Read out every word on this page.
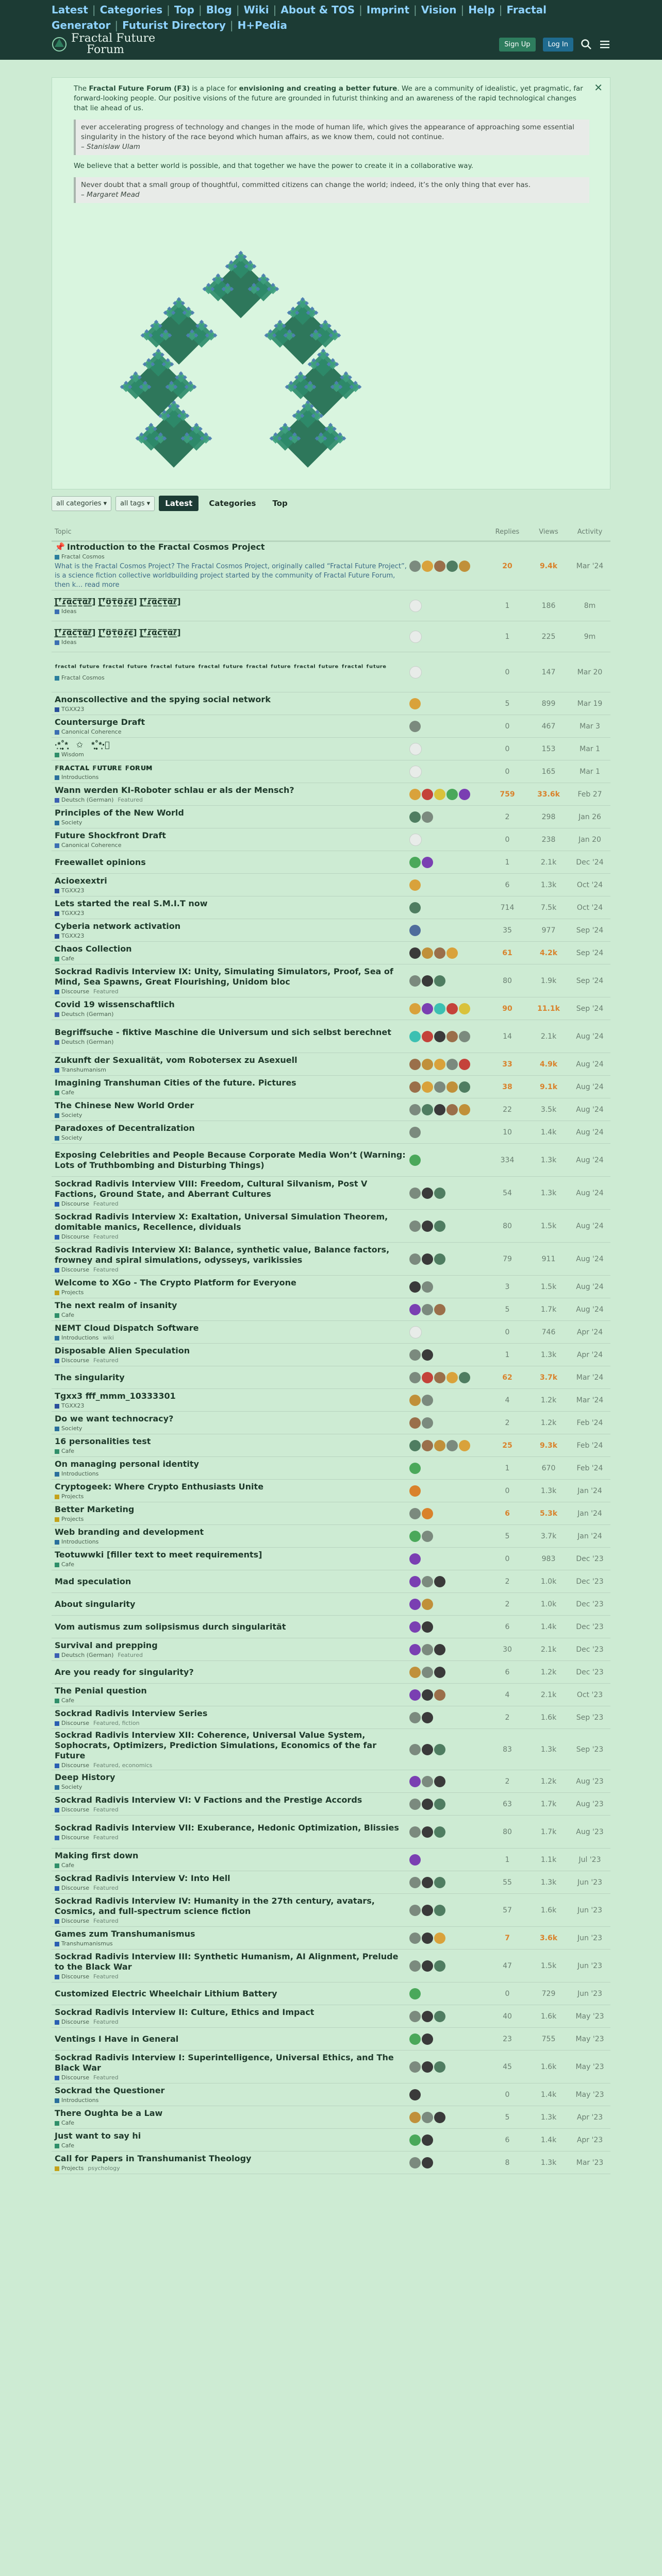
Latest | Categories | Top | Blog | Wiki | About & TOS | Imprint | Vision | Help | Fractal Generator | Futurist Directory | H+Pedia
Fractal Future
Forum	Sign Up	Log In
✕

The Fractal Future Forum (F3) is a place for envisioning and creating a better future. We are a community of idealistic, yet pragmatic, far forward-looking people. Our positive visions of the future are grounded in futurist thinking and an awareness of the rapid technological changes that lie ahead of us.

ever accelerating progress of technology and changes in the mode of human life, which gives the appearance of approaching some essential singularity in the history of the race beyond which human affairs, as we know them, could not continue.
– Stanislaw Ulam

We believe that a better world is possible, and that together we have the power to create it in a collaborative way.

Never doubt that a small group of thoughtful, committed citizens can change the world; indeed, it’s the only thing that ever has.
– Margaret Mead
all categories ▾	all tags ▾	Latest	Categories	Top
Topic	Replies	Views	Activity
📌 Introduction to the Fractal Cosmos Project
Fractal Cosmos
What is the Fractal Cosmos Project? The Fractal Cosmos Project, originally called “Fractal Future Project”, is a science fiction collective worldbuilding project started by the community of Fractal Future Forum, then k… read more
20	9.4k	Mar '24
[̲̅ᶠ̲̅ɾ̲̅α̲̅ϲ̲̅τ̲̅α̲̅ℓ̲̅] [̲̅ᶠ̲̅ʊ̲̅τ̲̅ʊ̲̅ɾ̲̅є̲̅] [̲̅ᶠ̲̅ɾ̲̅α̲̅ϲ̲̅τ̲̅α̲̅ℓ̲̅]
Ideas
1	186	8m
[̲̅ᶠ̲̅ɾ̲̅α̲̅ϲ̲̅τ̲̅α̲̅ℓ̲̅] [̲̅ᶠ̲̅ʊ̲̅τ̲̅ʊ̲̅ɾ̲̅є̲̅] [̲̅ᶠ̲̅ɾ̲̅α̲̅ϲ̲̅τ̲̅α̲̅ℓ̲̅]
Ideas
1	225	9m
ᶠʳᵃᶜᵗᵃˡ ᶠᵘᵗᵘʳᵉ ᶠʳᵃᶜᵗᵃˡ ᶠᵘᵗᵘʳᵉ ᶠʳᵃᶜᵗᵃˡ ᶠᵘᵗᵘʳᵉ ᶠʳᵃᶜᵗᵃˡ ᶠᵘᵗᵘʳᵉ ᶠʳᵃᶜᵗᵃˡ ᶠᵘᵗᵘʳᵉ ᶠʳᵃᶜᵗᵃˡ ᶠᵘᵗᵘʳᵉ ᶠʳᵃᶜᵗᵃˡ ᶠᵘᵗᵘʳᵉ
Fractal Cosmos
0	147	Mar 20
Anonscollective and the spying social network
TGXX23
5	899	Mar 19
Countersurge Draft
Canonical Coherence
0	467	Mar 3
·͙*̩̩͙˚̩̥̩̥*̩̩̥͙　✩　*̩̩̥͙˚̩̥̩̥*̩̩͙‧͙
Wisdom
0	153	Mar 1
ꜰʀᴀᴄᴛᴀʟ ꜰᴜᴛᴜʀᴇ ꜰᴏʀᴜᴍ
Introductions
0	165	Mar 1
Wann werden KI-Roboter schlau er als der Mensch?
Deutsch (German) Featured
759	33.6k	Feb 27
Principles of the New World
Society
2	298	Jan 26
Future Shockfront Draft
Canonical Coherence
0	238	Jan 20
Freewallet opinions	1	2.1k	Dec '24
Acioexextri
TGXX23
6	1.3k	Oct '24
Lets started the real S.M.I.T now
TGXX23
714	7.5k	Oct '24
Cyberia network activation
TGXX23
35	977	Sep '24
Chaos Collection
Cafe
61	4.2k	Sep '24
Sockrad Radivis Interview IX: Unity, Simulating Simulators, Proof, Sea of Mind, Sea Spawns, Great Flourishing, Unidom bloc
Discourse Featured
80	1.9k	Sep '24
Covid 19 wissenschaftlich
Deutsch (German)
90	11.1k	Sep '24
Begriffsuche - fiktive Maschine die Universum und sich selbst berechnet
Deutsch (German)
14	2.1k	Aug '24
Zukunft der Sexualität, vom Robotersex zu Asexuell
Transhumanism
33	4.9k	Aug '24
Imagining Transhuman Cities of the future. Pictures
Cafe
38	9.1k	Aug '24
The Chinese New World Order
Society
22	3.5k	Aug '24
Paradoxes of Decentralization
Society
10	1.4k	Aug '24
Exposing Celebrities and People Because Corporate Media Won’t (Warning: Lots of Truthbombing and Disturbing Things)	334	1.3k	Aug '24
Sockrad Radivis Interview VIII: Freedom, Cultural Silvanism, Post V Factions, Ground State, and Aberrant Cultures
Discourse Featured
54	1.3k	Aug '24
Sockrad Radivis Interview X: Exaltation, Universal Simulation Theorem, domitable manics, Recellence, dividuals
Discourse Featured
80	1.5k	Aug '24
Sockrad Radivis Interview XI: Balance, synthetic value, Balance factors, frowney and spiral simulations, odysseys, varikissies
Discourse Featured
79	911	Aug '24
Welcome to XGo - The Crypto Platform for Everyone
Projects
3	1.5k	Aug '24
The next realm of insanity
Cafe
5	1.7k	Aug '24
NEMT Cloud Dispatch Software
Introductions wiki
0	746	Apr '24
Disposable Alien Speculation
Discourse Featured
1	1.3k	Apr '24
The singularity	62	3.7k	Mar '24
Tgxx3 fff_mmm_10333301
TGXX23
4	1.2k	Mar '24
Do we want technocracy?
Society
2	1.2k	Feb '24
16 personalities test
Cafe
25	9.3k	Feb '24
On managing personal identity
Introductions
1	670	Feb '24
Cryptogeek: Where Crypto Enthusiasts Unite
Projects
0	1.3k	Jan '24
Better Marketing
Projects
6	5.3k	Jan '24
Web branding and development
Introductions
5	3.7k	Jan '24
Teotuwwki [filler text to meet requirements]
Cafe
0	983	Dec '23
Mad speculation	2	1.0k	Dec '23
About singularity	2	1.0k	Dec '23
Vom autismus zum solipsismus durch singularität	6	1.4k	Dec '23
Survival and prepping
Deutsch (German) Featured
30	2.1k	Dec '23
Are you ready for singularity?	6	1.2k	Dec '23
The Penial question
Cafe
4	2.1k	Oct '23
Sockrad Radivis Interview Series
Discourse Featured, fiction
2	1.6k	Sep '23
Sockrad Radivis Interview XII: Coherence, Universal Value System, Sophocrats, Optimizers, Prediction Simulations, Economics of the far Future
Discourse Featured, economics
83	1.3k	Sep '23
Deep History
Society
2	1.2k	Aug '23
Sockrad Radivis Interview VI: V Factions and the Prestige Accords
Discourse Featured
63	1.7k	Aug '23
Sockrad Radivis Interview VII: Exuberance, Hedonic Optimization, Blissies
Discourse Featured
80	1.7k	Aug '23
Making first down
Cafe
1	1.1k	Jul '23
Sockrad Radivis Interview V: Into Hell
Discourse Featured
55	1.3k	Jun '23
Sockrad Radivis Interview IV: Humanity in the 27th century, avatars, Cosmics, and full-spectrum science fiction
Discourse Featured
57	1.6k	Jun '23
Games zum Transhumanismus
Transhumanismus
7	3.6k	Jun '23
Sockrad Radivis Interview III: Synthetic Humanism, AI Alignment, Prelude to the Black War
Discourse Featured
47	1.5k	Jun '23
Customized Electric Wheelchair Lithium Battery	0	729	Jun '23
Sockrad Radivis Interview II: Culture, Ethics and Impact
Discourse Featured
40	1.6k	May '23
Ventings I Have in General	23	755	May '23
Sockrad Radivis Interview I: Superintelligence, Universal Ethics, and The Black War
Discourse Featured
45	1.6k	May '23
Sockrad the Questioner
Introductions
0	1.4k	May '23
There Oughta be a Law
Cafe
5	1.3k	Apr '23
Just want to say hi
Cafe
6	1.4k	Apr '23
Call for Papers in Transhumanist Theology
Projects psychology
8	1.3k	Mar '23
